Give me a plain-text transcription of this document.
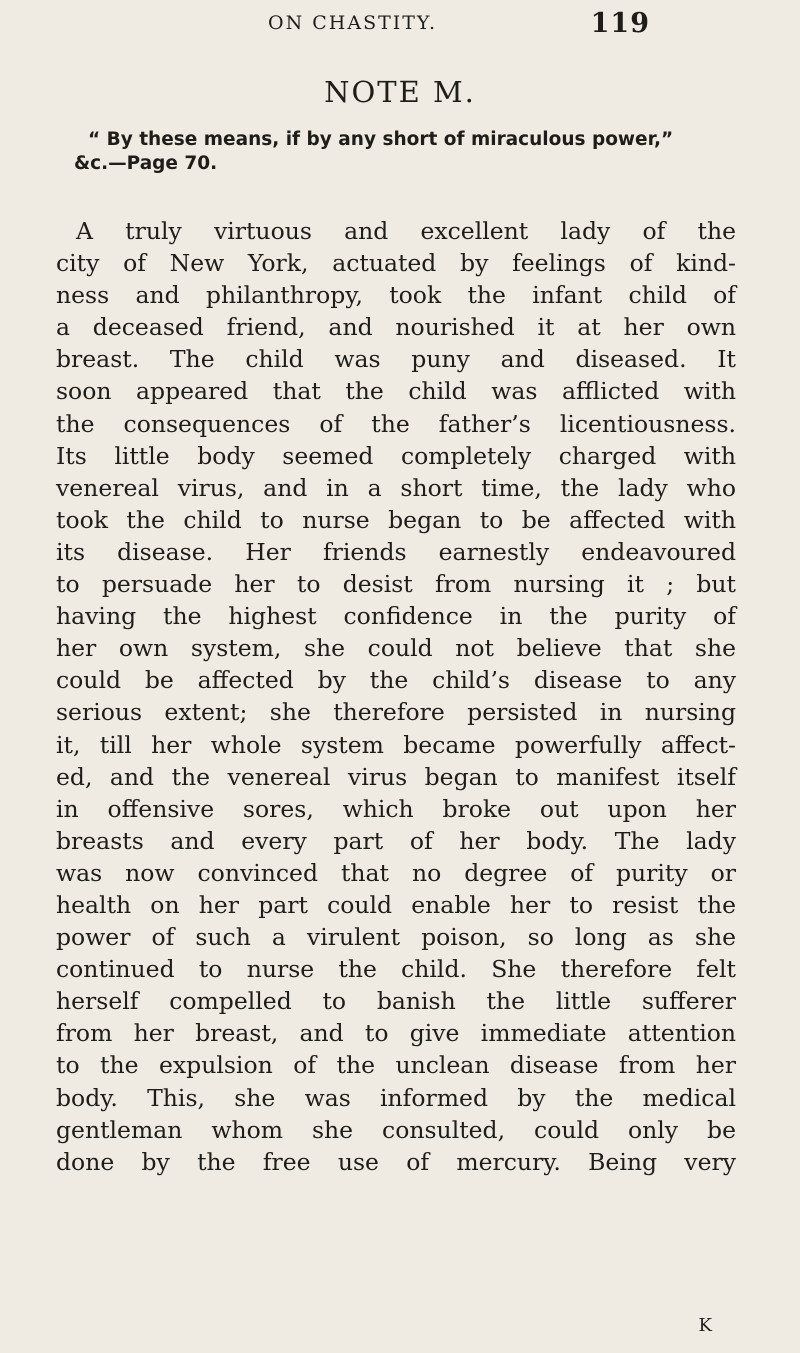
ON CHASTITY.	119
NOTE M.
“ By these means, if by any short of miraculous power,”
&c.—Page 70.
A truly virtuous and excellent lady of the
city of New York, actuated by feelings of kind-
ness and philanthropy, took the infant child of
a deceased friend, and nourished it at her own
breast. The child was puny and diseased. It
soon appeared that the child was afflicted with
the consequences of the father’s licentiousness.
Its little body seemed completely charged with
venereal virus, and in a short time, the lady who
took the child to nurse began to be affected with
its disease. Her friends earnestly endeavoured
to persuade her to desist from nursing it ; but
having the highest confidence in the purity of
her own system, she could not believe that she
could be affected by the child’s disease to any
serious extent; she therefore persisted in nursing
it, till her whole system became powerfully affect-
ed, and the venereal virus began to manifest itself
in offensive sores, which broke out upon her
breasts and every part of her body. The lady
was now convinced that no degree of purity or
health on her part could enable her to resist the
power of such a virulent poison, so long as she
continued to nurse the child. She therefore felt
herself compelled to banish the little sufferer
from her breast, and to give immediate attention
to the expulsion of the unclean disease from her
body. This, she was informed by the medical
gentleman whom she consulted, could only be
done by the free use of mercury. Being very
K
